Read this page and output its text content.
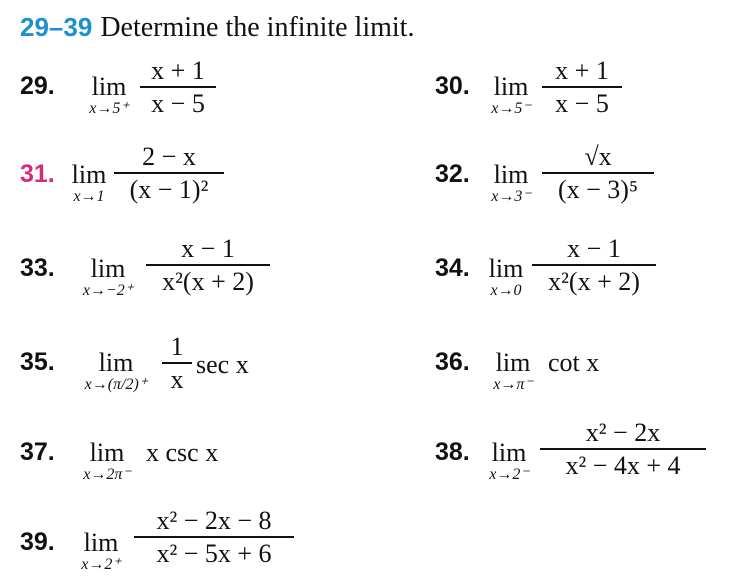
29–39 Determine the infinite limit.
29.	lim
x→5⁺
x + 1
x − 5
30. lim
x→5⁻
x + 1
x − 5
31. lim
x→1
2 − x
(x − 1)²
32. lim
x→3⁻
√x
(x − 3)⁵
33.	lim
x→−2⁺
x − 1
x²(x + 2)	34. lim
x→0
x − 1
x²(x + 2)
35.	lim
x→(π/2)⁺
1
x sec x	36. lim
x→π⁻
cot x
37.	lim
x→2π⁻
x csc x	38. lim
x→2⁻
x² − 2x
x² − 4x + 4
39.	lim
x→2⁺
x² − 2x − 8
x² − 5x + 6
